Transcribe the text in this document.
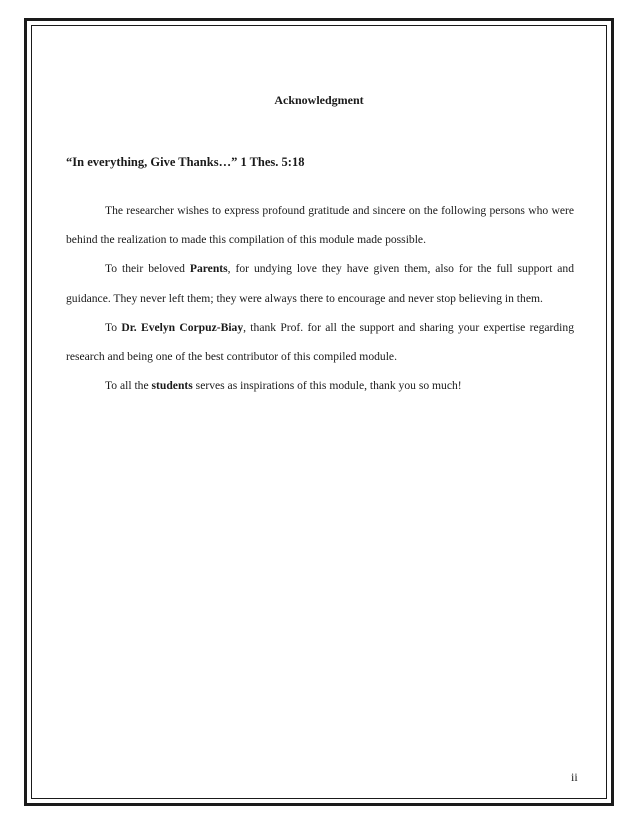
Acknowledgment
“In everything, Give Thanks…” 1 Thes. 5:18

The researcher wishes to express profound gratitude and sincere on the following persons who were behind the realization to made this compilation of this module made possible.

To their beloved Parents, for undying love they have given them, also for the full support and guidance. They never left them; they were always there to encourage and never stop believing in them.

To Dr. Evelyn Corpuz-Biay, thank Prof. for all the support and sharing your expertise regarding research and being one of the best contributor of this compiled module.

To all the students serves as inspirations of this module, thank you so much!

ii
